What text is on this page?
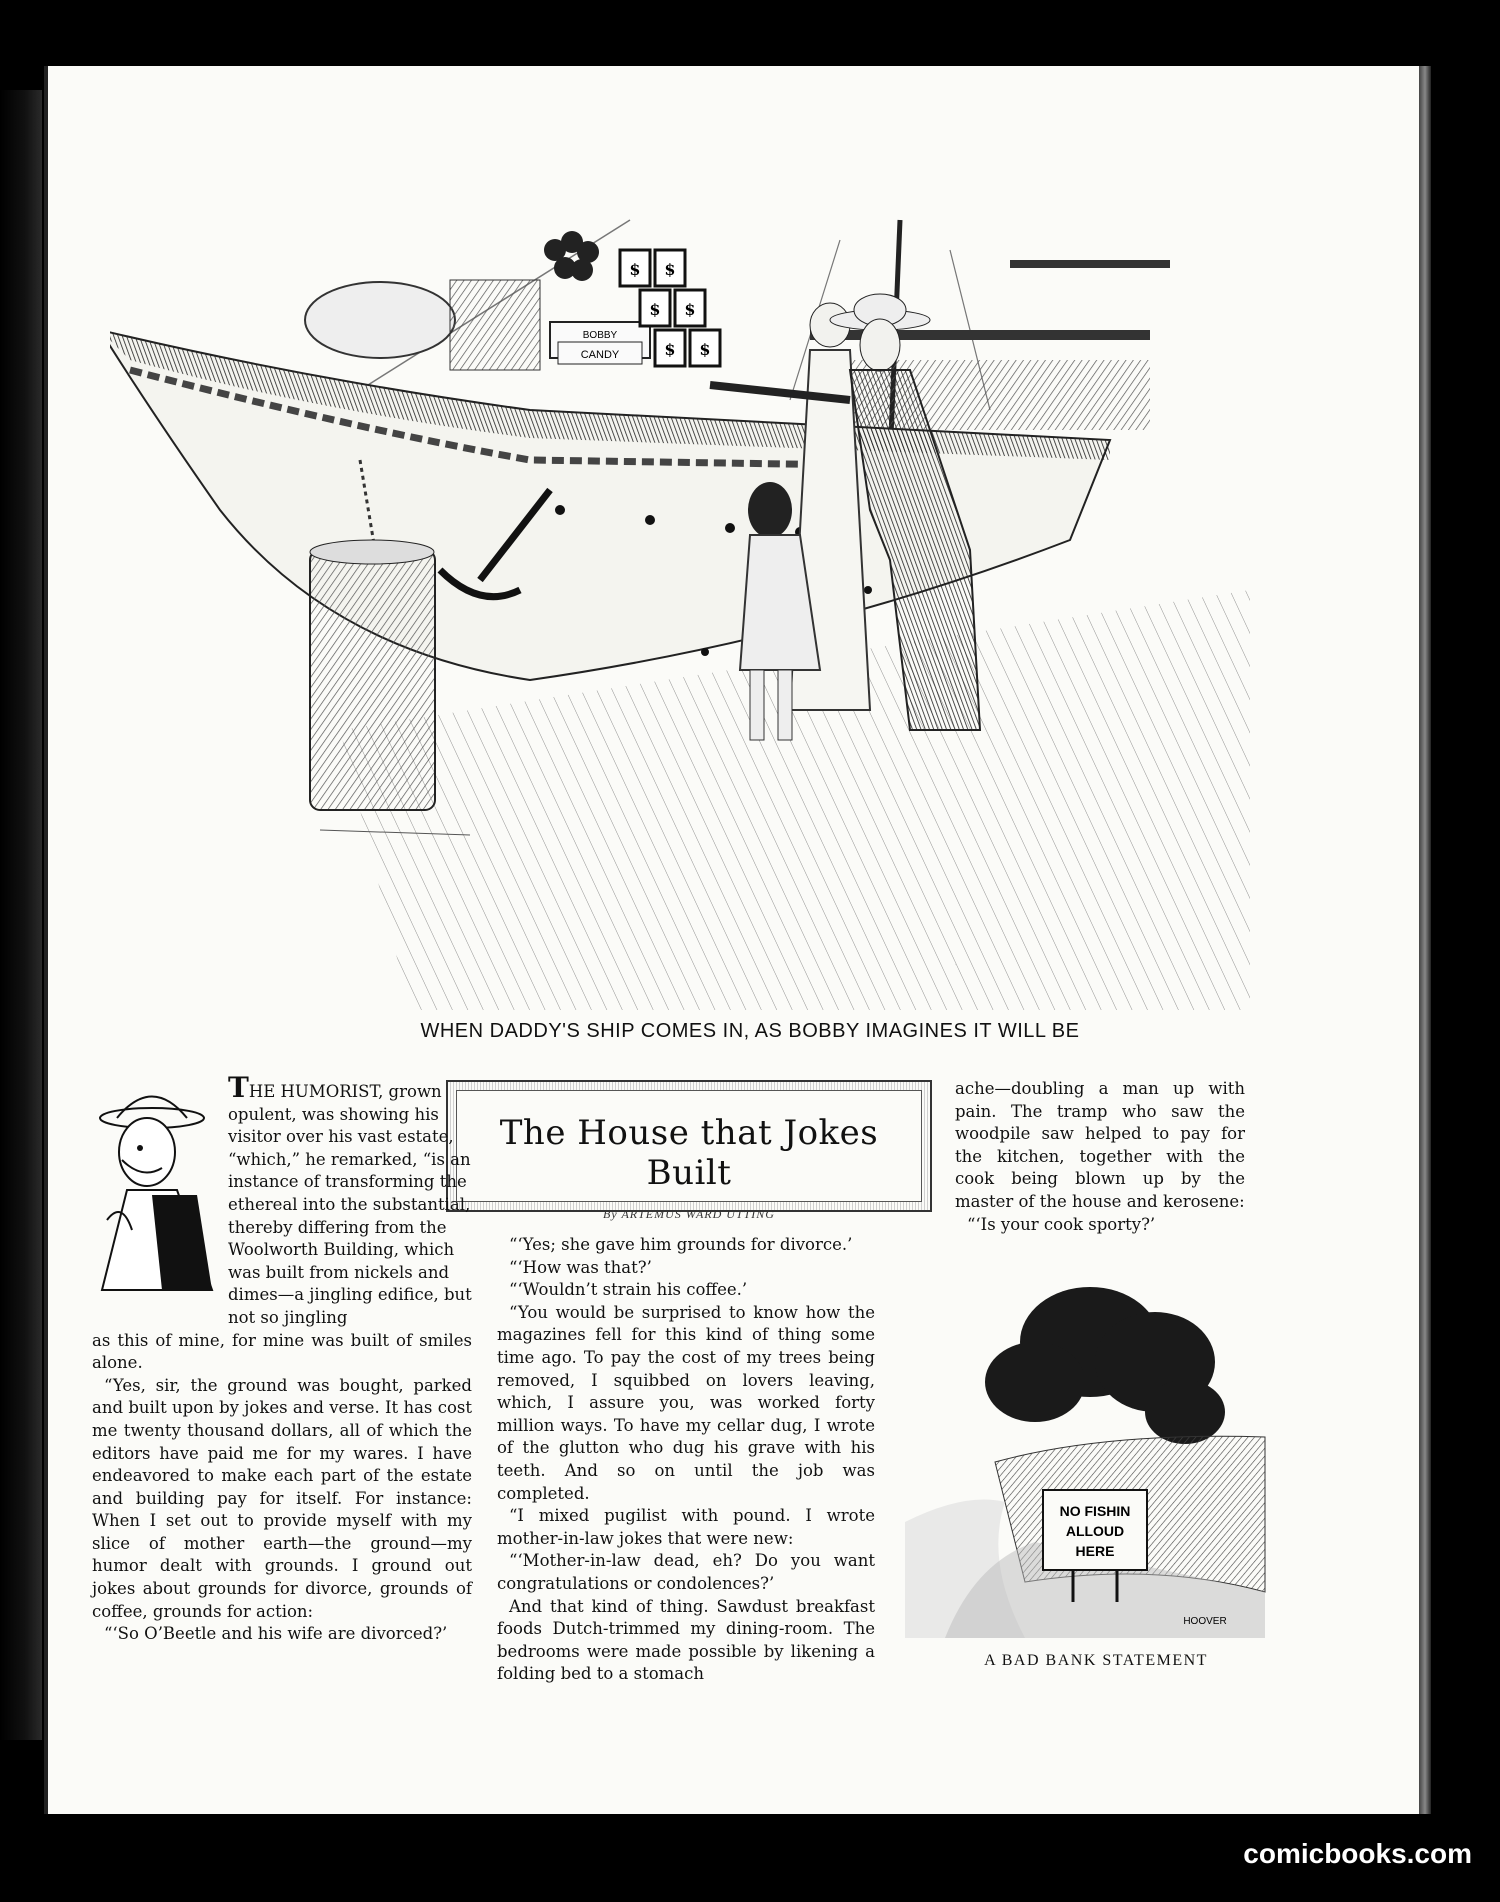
BOBBY
CANDY
$ $
$ $
$ $
WHEN DADDY'S SHIP COMES IN, AS BOBBY IMAGINES IT WILL BE
The House that Jokes Built
By ARTEMUS WARD UTTING
THE HUMORIST, grown opulent, was showing his visitor over his vast estate, “which,” he remarked, “is an instance of transforming the ethereal into the substantial, thereby differing from the Woolworth Building, which was built from nickels and dimes—a jingling edifice, but not so jingling

as this of mine, for mine was built of smiles alone.

“Yes, sir, the ground was bought, parked and built upon by jokes and verse. It has cost me twenty thousand dollars, all of which the editors have paid me for my wares. I have endeavored to make each part of the estate and building pay for itself. For instance: When I set out to provide myself with my slice of mother earth—the ground—my humor dealt with grounds. I ground out jokes about grounds for divorce, grounds of coffee, grounds for action:

“‘So O’Beetle and his wife are divorced?’

“‘Yes; she gave him grounds for divorce.’

“‘How was that?’

“‘Wouldn’t strain his coffee.’

“You would be surprised to know how the magazines fell for this kind of thing some time ago. To pay the cost of my trees being removed, I squibbed on lovers leaving, which, I assure you, was worked forty million ways. To have my cellar dug, I wrote of the glutton who dug his grave with his teeth. And so on until the job was completed.

“I mixed pugilist with pound. I wrote mother-in-law jokes that were new:

“‘Mother-in-law dead, eh? Do you want congratulations or condolences?’

And that kind of thing. Sawdust breakfast foods Dutch-trimmed my dining-room. The bedrooms were made possible by likening a folding bed to a stomach

ache—doubling a man up with pain. The tramp who saw the woodpile saw helped to pay for the kitchen, together with the cook being blown up by the master of the house and kerosene:

“‘Is your cook sporty?’

NO FISHIN
ALLOUD
HERE
HOOVER
A BAD BANK STATEMENT
comicbooks.com
